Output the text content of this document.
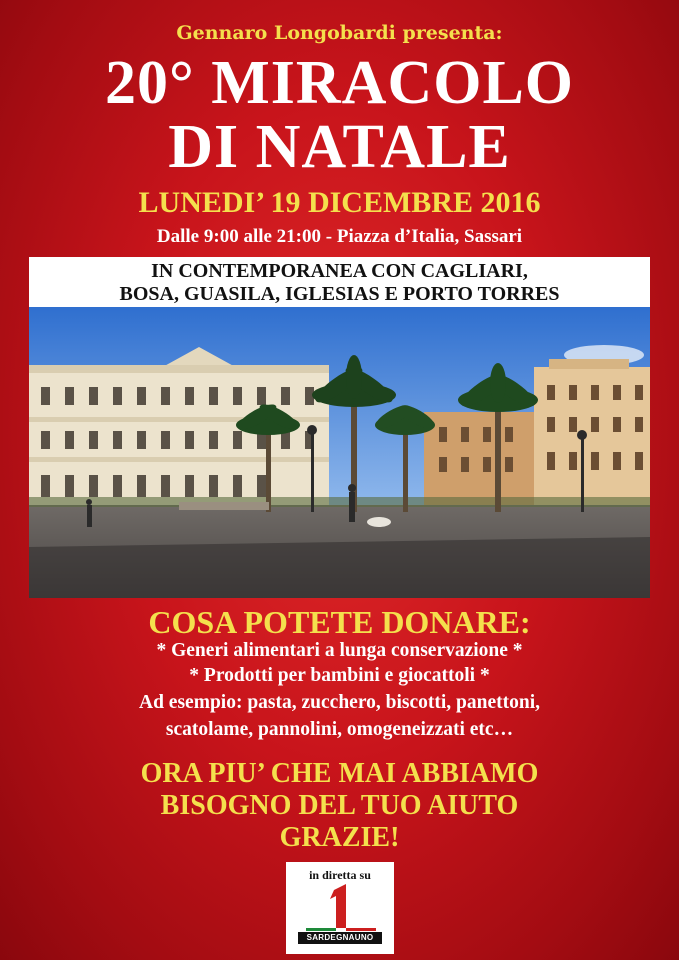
Gennaro Longobardi presenta:
20° MIRACOLO
DI NATALE
LUNEDI’ 19 DICEMBRE 2016
Dalle 9:00 alle 21:00 - Piazza d’Italia, Sassari
IN CONTEMPORANEA CON CAGLIARI,
BOSA, GUASILA, IGLESIAS E PORTO TORRES
COSA POTETE DONARE:
* Generi alimentari a lunga conservazione *
* Prodotti per bambini e giocattoli *
Ad esempio: pasta, zucchero, biscotti, panettoni,
scatolame, pannolini, omogeneizzati etc…
ORA PIU’ CHE MAI ABBIAMO
BISOGNO DEL TUO AIUTO
GRAZIE!
in diretta su
SARDEGNAUNO
